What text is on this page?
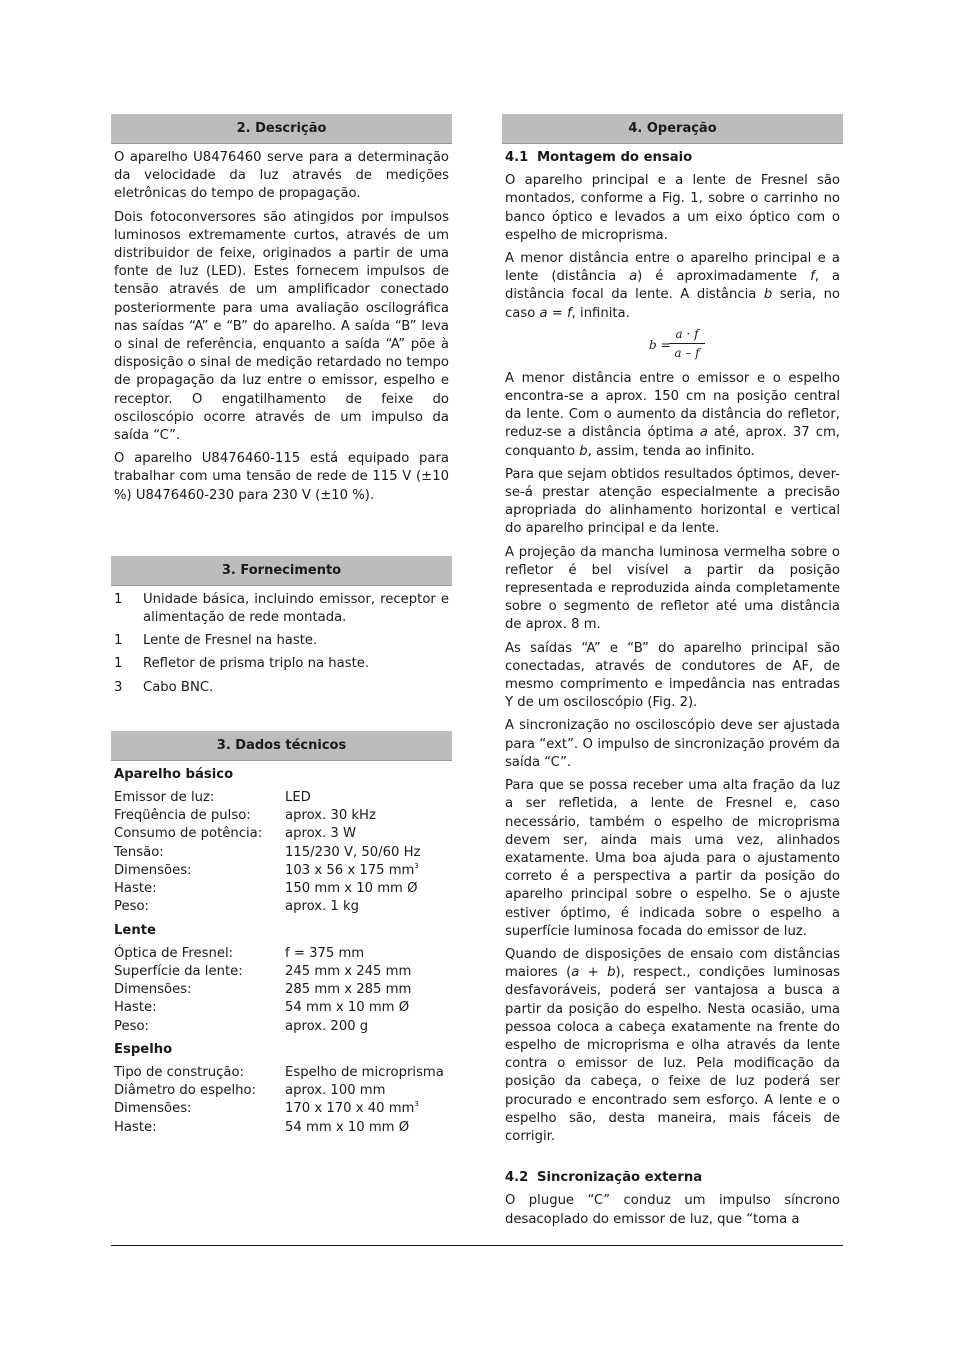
2. Descrição

O aparelho U8476460 serve para a determinação da velocidade da luz através de medições eletrônicas do tempo de propagação.

Dois fotoconversores são atingidos por impulsos luminosos extremamente curtos, através de um distribuidor de feixe, originados a partir de uma fonte de luz (LED). Estes fornecem impulsos de tensão através de um amplificador conectado posteriormente para uma avaliação oscilográfica nas saídas “A” e “B” do aparelho. A saída “B” leva o sinal de referência, enquanto a saída “A” põe à disposição o sinal de medição retardado no tempo de propagação da luz entre o emissor, espelho e receptor. O engatilhamento de feixe do osciloscópio ocorre através de um impulso da saída “C”.

O aparelho U8476460-115 está equipado para trabalhar com uma tensão de rede de 115 V (±10 %) U8476460-230 para 230 V (±10 %).

3. Fornecimento
1	Unidade básica, incluindo emissor, receptor e alimentação de rede montada.
1	Lente de Fresnel na haste.
1	Refletor de prisma triplo na haste.
3	Cabo BNC.
3. Dados técnicos
Aparelho básico
Emissor de luz:	LED
Freqüência de pulso:	aprox. 30 kHz
Consumo de potência:	aprox. 3 W
Tensão:	115/230 V, 50/60 Hz
Dimensões:	103 x 56 x 175 $mm^3$
Haste:	150 mm x 10 mm Ø
Peso:	aprox. 1 kg
Lente
Óptica de Fresnel:	f = 375 mm
Superfície da lente:	245 mm x 245 mm
Dimensões:	285 mm x 285 mm
Haste:	54 mm x 10 mm Ø
Peso:	aprox. 200 g
Espelho
Tipo de construção:	Espelho de microprisma
Diâmetro do espelho:	aprox. 100 mm
Dimensões:	170 x 170 x 40 $mm^3$
Haste:	54 mm x 10 mm Ø
4. Operação
4.1 Montagem do ensaio

O aparelho principal e a lente de Fresnel são montados, conforme a Fig. 1, sobre o carrinho no banco óptico e levados a um eixo óptico com o espelho de microprisma.

A menor distância entre o aparelho principal e a lente (distância a) é aproximadamente f, a distância focal da lente. A distância b seria, no caso a = f, infinita.

b =
$\frac{a \cdot f}{a - f}$

A menor distância entre o emissor e o espelho encontra-se a aprox. 150 cm na posição central da lente. Com o aumento da distância do refletor, reduz-se a distância óptima a até, aprox. 37 cm, conquanto b, assim, tenda ao infinito.

Para que sejam obtidos resultados óptimos, dever-se-á prestar atenção especialmente a precisão apropriada do alinhamento horizontal e vertical do aparelho principal e da lente.

A projeção da mancha luminosa vermelha sobre o refletor é bel visível a partir da posição representada e reproduzida ainda completamente sobre o segmento de refletor até uma distância de aprox. 8 m.

As saídas “A” e “B” do aparelho principal são conectadas, através de condutores de AF, de mesmo comprimento e impedância nas entradas Y de um osciloscópio (Fig. 2).

A sincronização no osciloscópio deve ser ajustada para “ext”. O impulso de sincronização provém da saída “C”.

Para que se possa receber uma alta fração da luz a ser refletida, a lente de Fresnel e, caso necessário, também o espelho de microprisma devem ser, ainda mais uma vez, alinhados exatamente. Uma boa ajuda para o ajustamento correto é a perspectiva a partir da posição do aparelho principal sobre o espelho. Se o ajuste estiver óptimo, é indicada sobre o espelho a superfície luminosa focada do emissor de luz.

Quando de disposições de ensaio com distâncias maiores (a + b), respect., condições luminosas desfavoráveis, poderá ser vantajosa a busca a partir da posição do espelho. Nesta ocasião, uma pessoa coloca a cabeça exatamente na frente do espelho de microprisma e olha através da lente contra o emissor de luz. Pela modificação da posição da cabeça, o feixe de luz poderá ser procurado e encontrado sem esforço. A lente e o espelho são, desta maneira, mais fáceis de corrigir.

4.2 Sincronização externa

O plugue “C” conduz um impulso síncrono desacoplado do emissor de luz, que “toma a
